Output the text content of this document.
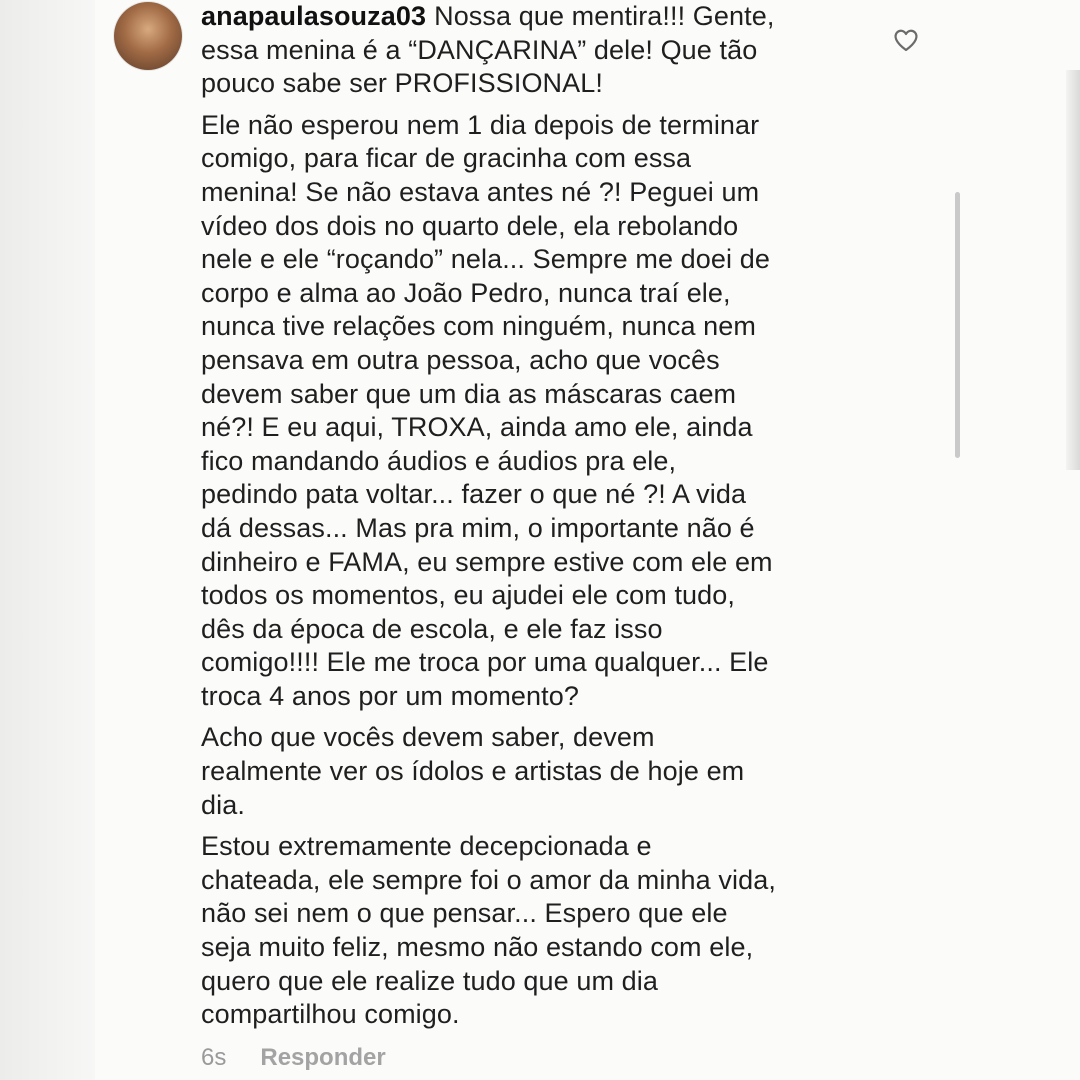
anapaulasouza03 Nossa que mentira!!! Gente,
essa menina é a “DANÇARINA” dele! Que tão
pouco sabe ser PROFISSIONAL!

Ele não esperou nem 1 dia depois de terminar
comigo, para ficar de gracinha com essa
menina! Se não estava antes né ?! Peguei um
vídeo dos dois no quarto dele, ela rebolando
nele e ele “roçando” nela... Sempre me doei de
corpo e alma ao João Pedro, nunca traí ele,
nunca tive relações com ninguém, nunca nem
pensava em outra pessoa, acho que vocês
devem saber que um dia as máscaras caem
né?! E eu aqui, TROXA, ainda amo ele, ainda
fico mandando áudios e áudios pra ele,
pedindo pata voltar... fazer o que né ?! A vida
dá dessas... Mas pra mim, o importante não é
dinheiro e FAMA, eu sempre estive com ele em
todos os momentos, eu ajudei ele com tudo,
dês da época de escola, e ele faz isso
comigo!!!! Ele me troca por uma qualquer... Ele
troca 4 anos por um momento?

Acho que vocês devem saber, devem
realmente ver os ídolos e artistas de hoje em
dia.

Estou extremamente decepcionada e
chateada, ele sempre foi o amor da minha vida,
não sei nem o que pensar... Espero que ele
seja muito feliz, mesmo não estando com ele,
quero que ele realize tudo que um dia
compartilhou comigo.

6s Responder
